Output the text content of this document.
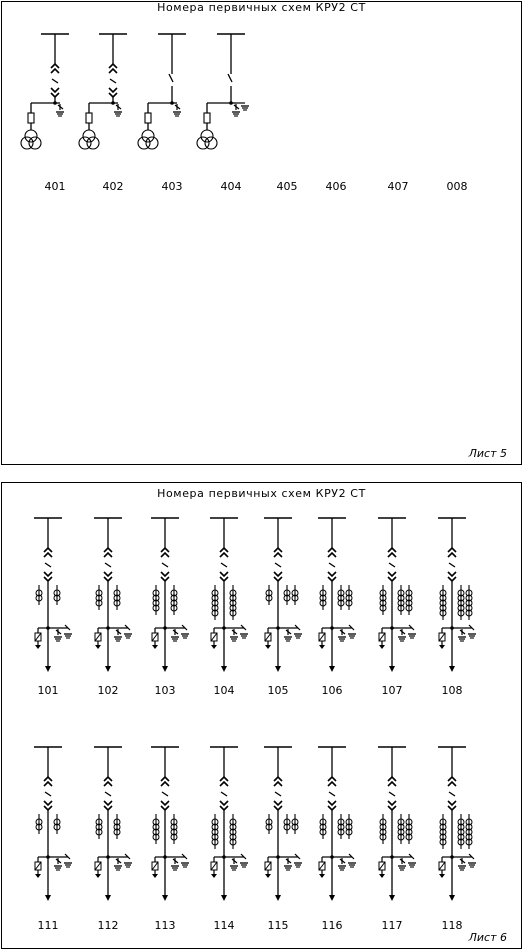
Номера первичных схем КРУ2 СТ
Лист 5
401	402	403	404	405	406	407	008
Номера первичных схем КРУ2 СТ
Лист 6
101	102	103	104	105	106	107	108
111	112	113	114	115	116	117	118
